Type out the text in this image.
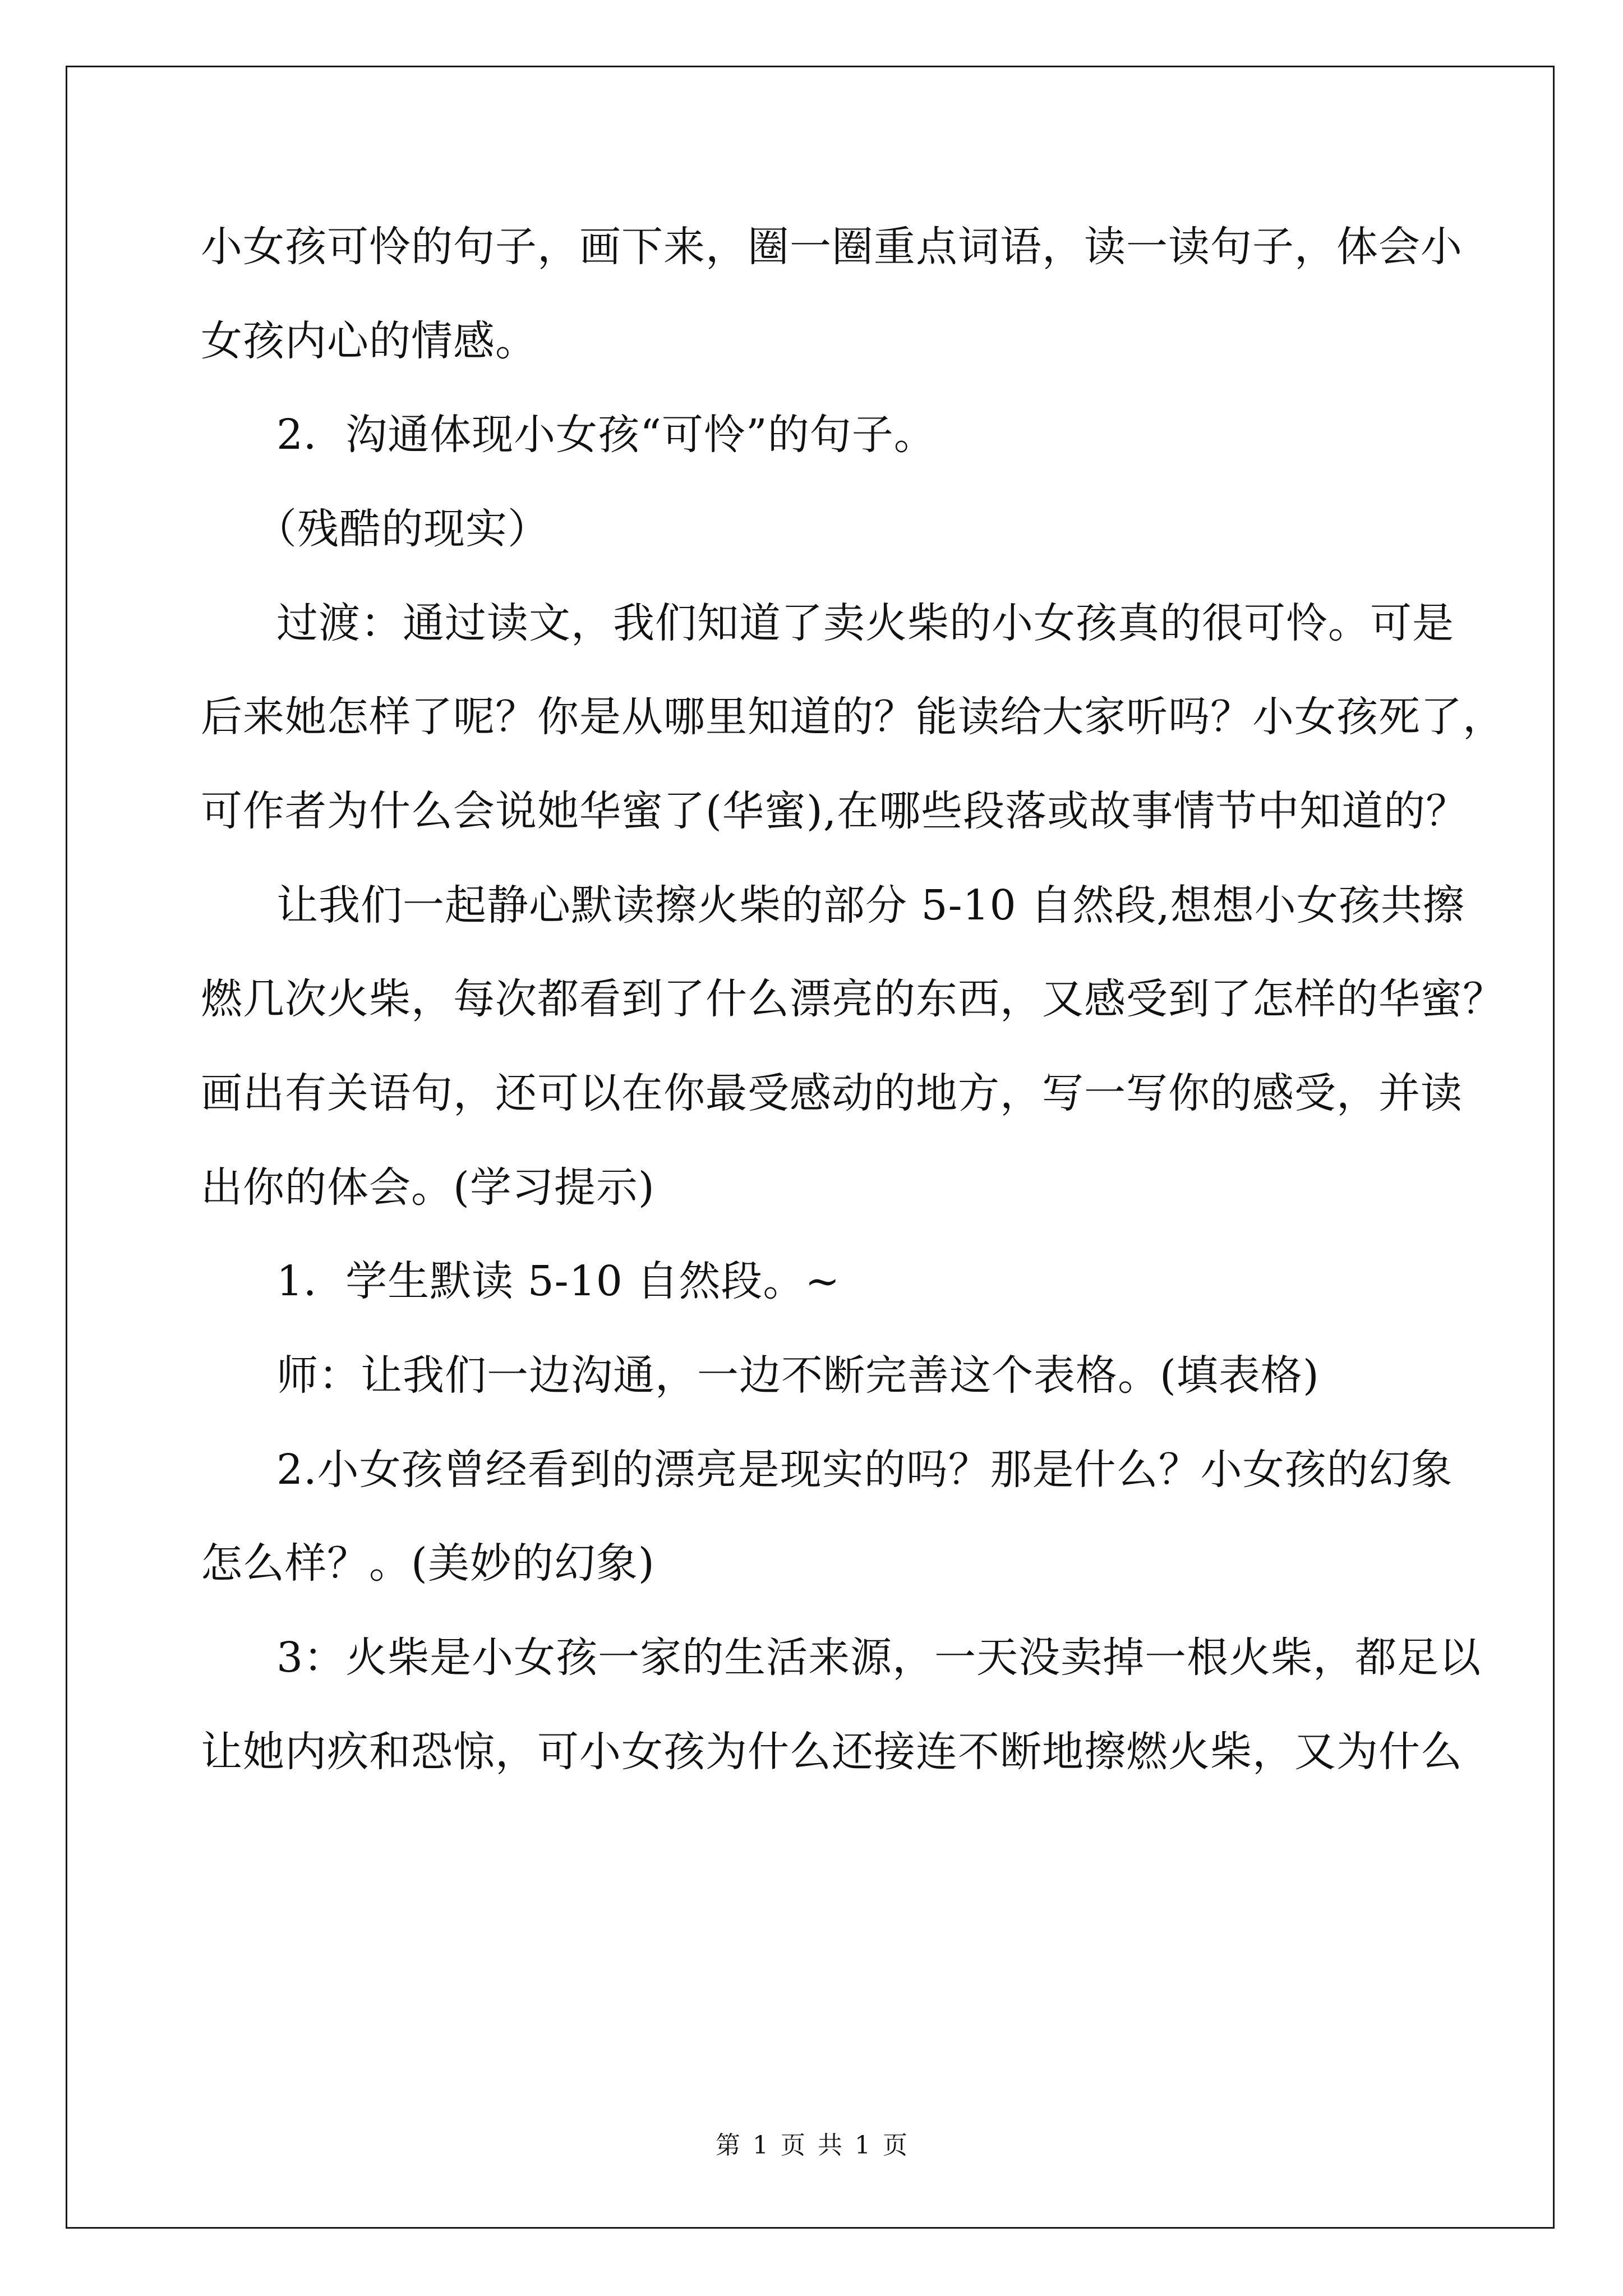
小女孩可怜的句子，画下来，圈一圈重点词语，读一读句子，体会小
女孩内心的情感。
2．沟通体现小女孩“可怜”的句子。
（残酷的现实）
过渡：通过读文，我们知道了卖火柴的小女孩真的很可怜。可是
后来她怎样了呢？你是从哪里知道的？能读给大家听吗？小女孩死了，
可作者为什么会说她华蜜了(华蜜),在哪些段落或故事情节中知道的？
让我们一起静心默读擦火柴的部分 5-10 自然段,想想小女孩共擦
燃几次火柴，每次都看到了什么漂亮的东西，又感受到了怎样的华蜜？
画出有关语句，还可以在你最受感动的地方，写一写你的感受，并读
出你的体会。(学习提示)
1．学生默读 5-10 自然段。~
师：让我们一边沟通，一边不断完善这个表格。(填表格)
2.小女孩曾经看到的漂亮是现实的吗？那是什么？小女孩的幻象
怎么样？。(美妙的幻象)
3：火柴是小女孩一家的生活来源，一天没卖掉一根火柴，都足以
让她内疚和恐惊，可小女孩为什么还接连不断地擦燃火柴，又为什么
第 1 页 共 1 页
